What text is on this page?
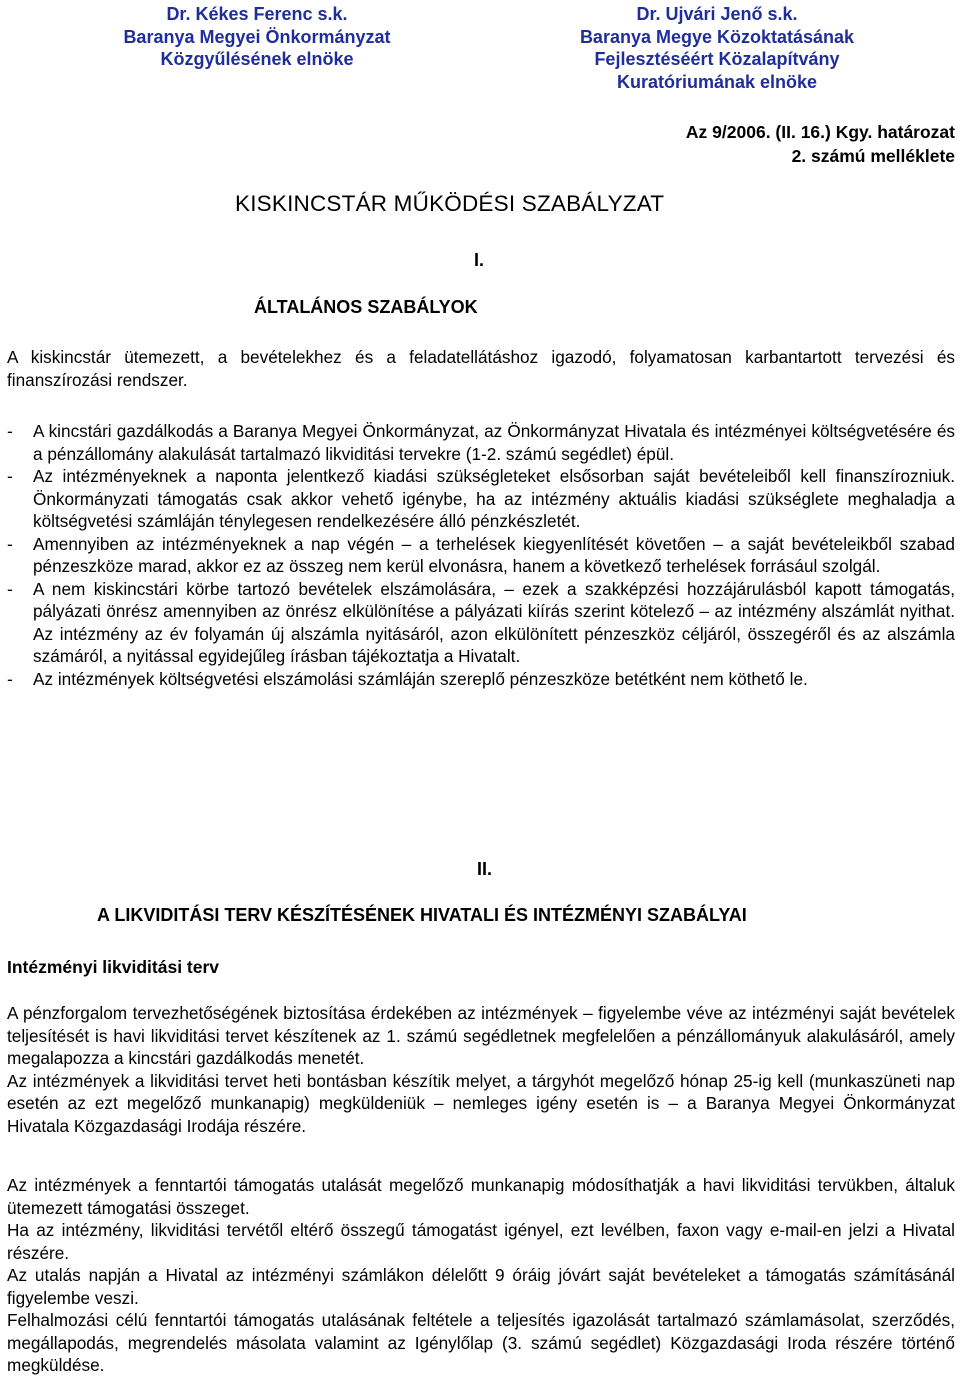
Dr. Kékes Ferenc s.k.
Baranya Megyei Önkormányzat
Közgyűlésének elnöke
Dr. Ujvári Jenő s.k.
Baranya Megye Közoktatásának
Fejlesztéséért Közalapítvány
Kuratóriumának elnöke
Az 9/2006. (II. 16.) Kgy. határozat
2. számú melléklete
KISKINCSTÁR MŰKÖDÉSI SZABÁLYZAT
I.
ÁLTALÁNOS SZABÁLYOK

A kiskincstár ütemezett, a bevételekhez és a feladatellátáshoz igazodó, folyamatosan karbantartott tervezési és finanszírozási rendszer.

- A kincstári gazdálkodás a Baranya Megyei Önkormányzat, az Önkormányzat Hivatala és intézményei költségvetésére és a pénzállomány alakulását tartalmazó likviditási tervekre (1-2. számú segédlet) épül.
- Az intézményeknek a naponta jelentkező kiadási szükségleteket elsősorban saját bevételeiből kell finanszírozniuk. Önkormányzati támogatás csak akkor vehető igénybe, ha az intézmény aktuális kiadási szükséglete meghaladja a költségvetési számláján ténylegesen rendelkezésére álló pénzkészletét.
- Amennyiben az intézményeknek a nap végén – a terhelések kiegyenlítését követően – a saját bevételeikből szabad pénzeszköze marad, akkor ez az összeg nem kerül elvonásra, hanem a következő terhelések forrásául szolgál.
- A nem kiskincstári körbe tartozó bevételek elszámolására, – ezek a szakképzési hozzájárulásból kapott támogatás, pályázati önrész amennyiben az önrész elkülönítése a pályázati kiírás szerint kötelező – az intézmény alszámlát nyithat. Az intézmény az év folyamán új alszámla nyitásáról, azon elkülönített pénzeszköz céljáról, összegéről és az alszámla számáról, a nyitással egyidejűleg írásban tájékoztatja a Hivatalt.
- Az intézmények költségvetési elszámolási számláján szereplő pénzeszköze betétként nem köthető le.
II.
A LIKVIDITÁSI TERV KÉSZÍTÉSÉNEK HIVATALI ÉS INTÉZMÉNYI SZABÁLYAI
Intézményi likviditási terv

A pénzforgalom tervezhetőségének biztosítása érdekében az intézmények – figyelembe véve az intézményi saját bevételek teljesítését is havi likviditási tervet készítenek az 1. számú segédletnek megfelelően a pénzállományuk alakulásáról, amely megalapozza a kincstári gazdálkodás menetét.

Az intézmények a likviditási tervet heti bontásban készítik melyet, a tárgyhót megelőző hónap 25-ig kell (munkaszüneti nap esetén az ezt megelőző munkanapig) megküldeniük – nemleges igény esetén is – a Baranya Megyei Önkormányzat Hivatala Közgazdasági Irodája részére.

Az intézmények a fenntartói támogatás utalását megelőző munkanapig módosíthatják a havi likviditási tervükben, általuk ütemezett támogatási összeget.

Ha az intézmény, likviditási tervétől eltérő összegű támogatást igényel, ezt levélben, faxon vagy e-mail-en jelzi a Hivatal részére.

Az utalás napján a Hivatal az intézményi számlákon délelőtt 9 óráig jóvárt saját bevételeket a támogatás számításánál figyelembe veszi.

Felhalmozási célú fenntartói támogatás utalásának feltétele a teljesítés igazolását tartalmazó számlamásolat, szerződés, megállapodás, megrendelés másolata valamint az Igénylőlap (3. számú segédlet) Közgazdasági Iroda részére történő megküldése.
